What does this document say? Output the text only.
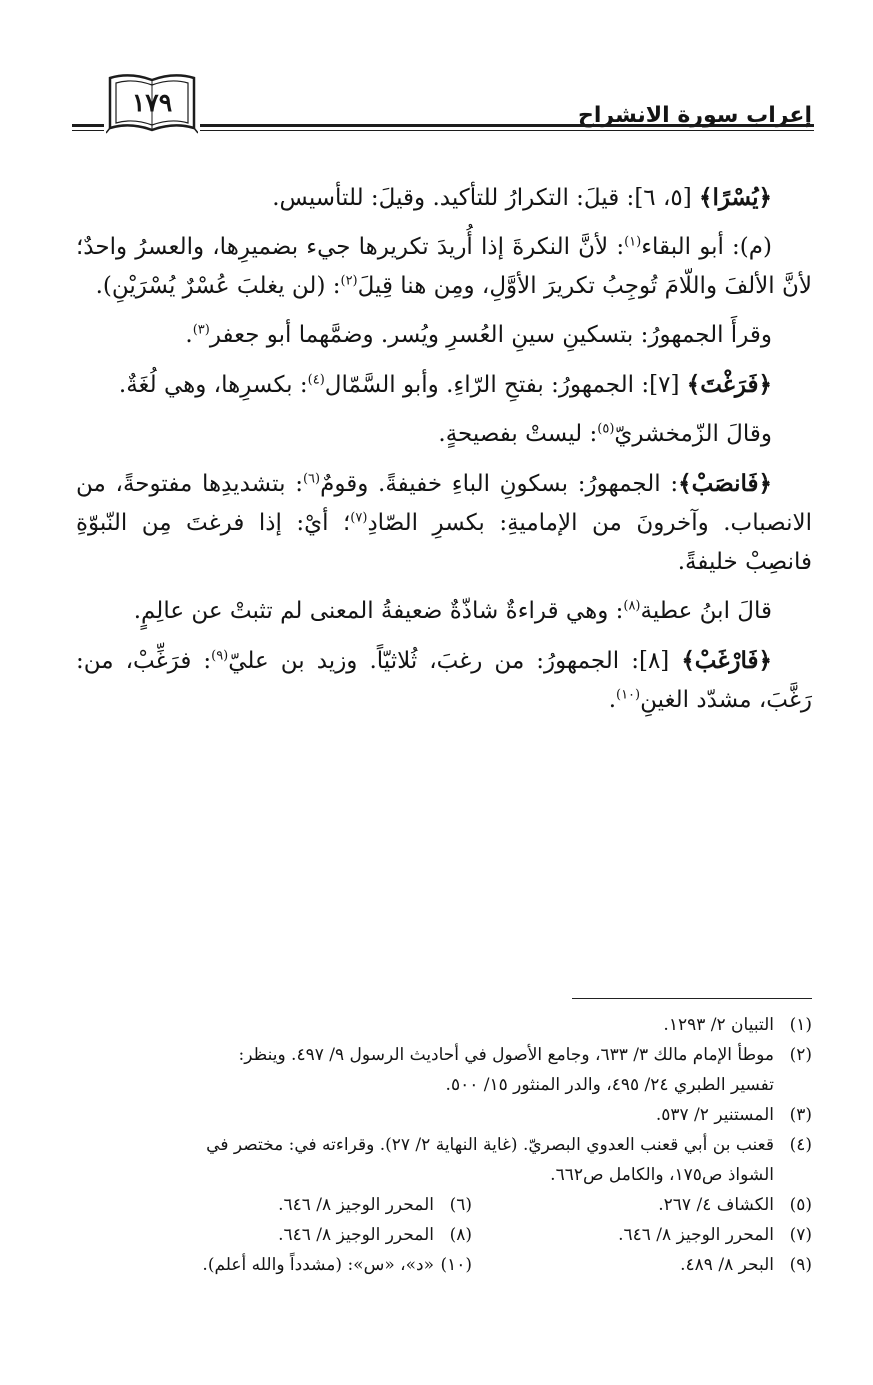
إعراب سورة الانشراح
١٧٩

﴿يُسْرًا﴾ [٥، ٦]: قيلَ: التكرارُ للتأكيد. وقيلَ: للتأسيس.

(م): أبو البقاء$^{(١)}$: لأنَّ النكرةَ إذا أُريدَ تكريرها جيء بضميرِها، والعسرُ واحدٌ؛ لأنَّ الألفَ واللّامَ تُوجِبُ تكريرَ الأوَّلِ، ومِن هنا قِيلَ$^{(٢)}$: (لن يغلبَ عُسْرٌ يُسْرَيْنِ).

وقرأَ الجمهورُ: بتسكينِ سينِ العُسرِ ويُسر. وضمَّهما أبو جعفر$^{(٣)}$.

﴿فَرَغْتَ﴾ [٧]: الجمهورُ: بفتحِ الرّاءِ. وأبو السَّمّال$^{(٤)}$: بكسرِها، وهي لُغَةٌ.

وقالَ الزّمخشريّ$^{(٥)}$: ليستْ بفصيحةٍ.

﴿فَانصَبْ﴾: الجمهورُ: بسكونِ الباءِ خفيفةً. وقومٌ$^{(٦)}$: بتشديدِها مفتوحةً، من الانصباب. وآخرونَ من الإماميةِ: بكسرِ الصّادِ$^{(٧)}$؛ أيْ: إذا فرغتَ مِن النّبوّةِ فانصِبْ خليفةً.

قالَ ابنُ عطية$^{(٨)}$: وهي قراءةٌ شاذّةٌ ضعيفةُ المعنى لم تثبتْ عن عالِمٍ.

﴿فَارْغَبْ﴾ [٨]: الجمهورُ: من رغبَ، ثُلاثيّاً. وزيد بن عليّ$^{(٩)}$: فرَغِّبْ، من: رَغَّبَ، مشدّد الغينِ$^{(١٠)}$.

(١)التبيان ٢/ ١٢٩٣.

(٢)موطأ الإمام مالك ٣/ ٦٣٣، وجامع الأصول في أحاديث الرسول ٩/ ٤٩٧. وينظر:

تفسير الطبري ٢٤/ ٤٩٥، والدر المنثور ١٥/ ٥٠٠.

(٣)المستنير ٢/ ٥٣٧.

(٤)قعنب بن أبي قعنب العدوي البصريّ. (غاية النهاية ٢/ ٢٧). وقراءته في: مختصر في

الشواذ ص١٧٥، والكامل ص٦٦٢.

(٥)الكشاف ٤/ ٢٦٧.
(٦)المحرر الوجيز ٨/ ٦٤٦.
(٧)المحرر الوجيز ٨/ ٦٤٦.
(٨)المحرر الوجيز ٨/ ٦٤٦.
(٩)البحر ٨/ ٤٨٩.
(١٠)«د»، «س»: (مشدداً والله أعلم).
